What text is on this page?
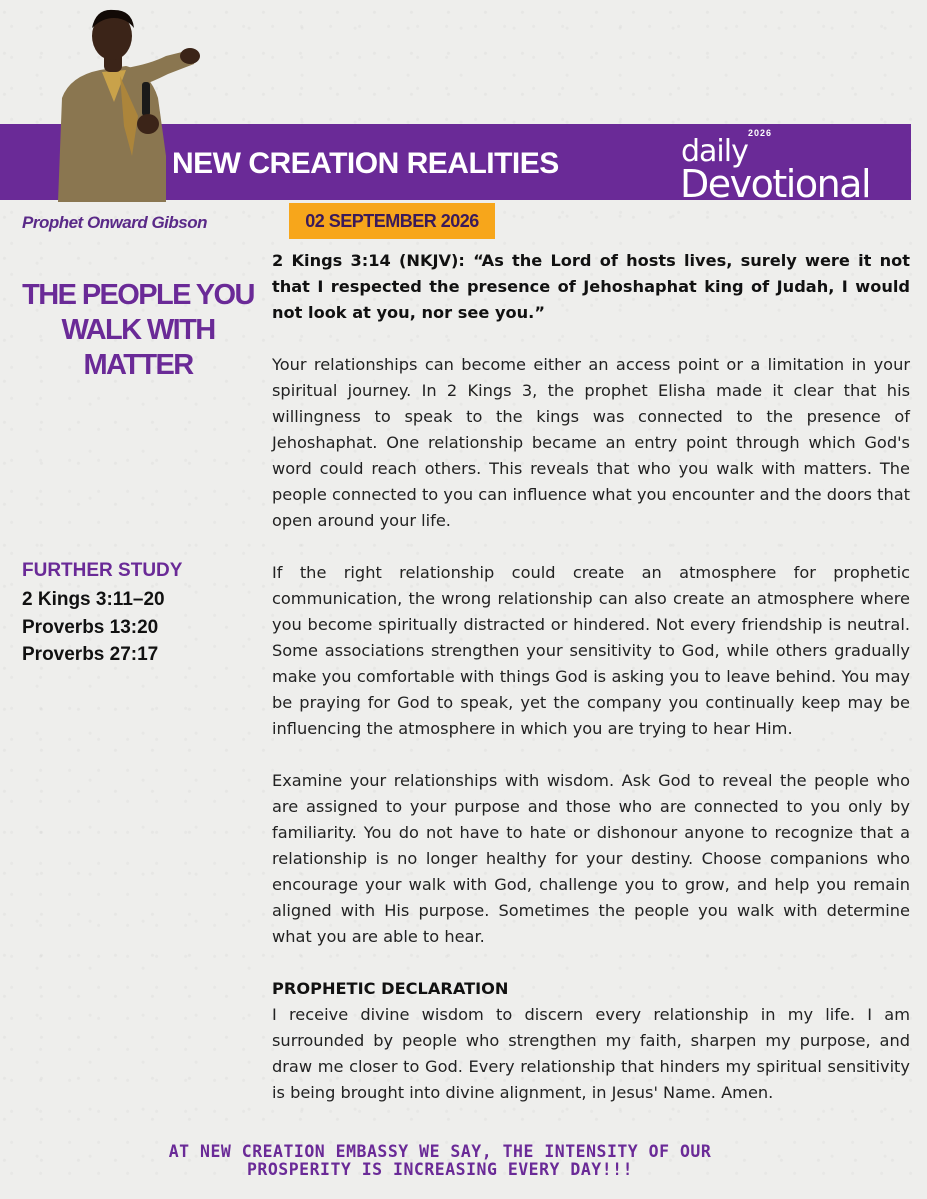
NEW CREATION REALITIES
2026
daily
Devotional
Prophet Onward Gibson	02 SEPTEMBER 2026
THE PEOPLE YOU WALK WITH MATTER
FURTHER STUDY
2 Kings 3:11–20
Proverbs 13:20
Proverbs 27:17

2 Kings 3:14 (NKJV): “As the Lord of hosts lives, surely were it not that I respected the presence of Jehoshaphat king of Judah, I would not look at you, nor see you.”

Your relationships can become either an access point or a limitation in your spiritual journey. In 2 Kings 3, the prophet Elisha made it clear that his willingness to speak to the kings was connected to the presence of Jehoshaphat. One relationship became an entry point through which God's word could reach others. This reveals that who you walk with matters. The people connected to you can influence what you encounter and the doors that open around your life.

If the right relationship could create an atmosphere for prophetic communication, the wrong relationship can also create an atmosphere where you become spiritually distracted or hindered. Not every friendship is neutral. Some associations strengthen your sensitivity to God, while others gradually make you comfortable with things God is asking you to leave behind. You may be praying for God to speak, yet the company you continually keep may be influencing the atmosphere in which you are trying to hear Him.

Examine your relationships with wisdom. Ask God to reveal the people who are assigned to your purpose and those who are connected to you only by familiarity. You do not have to hate or dishonour anyone to recognize that a relationship is no longer healthy for your destiny. Choose companions who encourage your walk with God, challenge you to grow, and help you remain aligned with His purpose. Sometimes the people you walk with determine what you are able to hear.

PROPHETIC DECLARATION

I receive divine wisdom to discern every relationship in my life. I am surrounded by people who strengthen my faith, sharpen my purpose, and draw me closer to God. Every relationship that hinders my spiritual sensitivity is being brought into divine alignment, in Jesus' Name. Amen.

AT NEW CREATION EMBASSY WE SAY, THE INTENSITY OF OUR
PROSPERITY IS INCREASING EVERY DAY!!!
